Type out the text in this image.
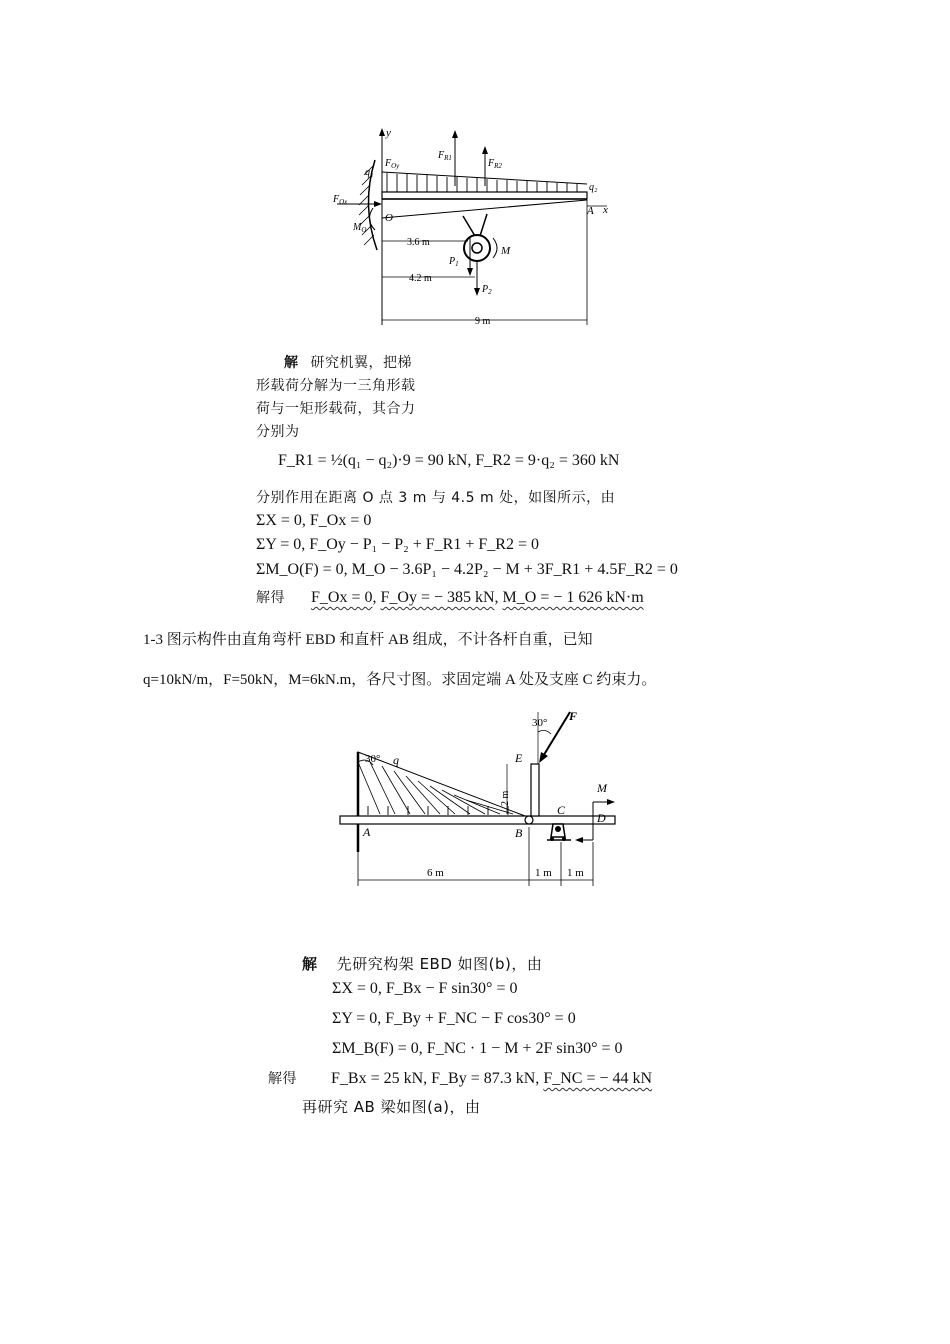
y
q₁
q₂
x
A
O
$F_{R1}$	$F_{R2}$
$F_{Oy}$
$F_{Ox}$
$M_O$
M
$P_1$
$P_2$
3.6 m
4.2 m
9 m
解 研究机翼，把梯
形载荷分解为一三角形载
荷与一矩形载荷，其合力
分别为
F_R1 = ½(q₁ − q₂)·9 = 90 kN, F_R2 = 9·q₂ = 360 kN
分别作用在距离 O 点 3 m 与 4.5 m 处，如图所示，由
ΣX = 0, F_Ox = 0
ΣY = 0, F_Oy − P₁ − P₂ + F_R1 + F_R2 = 0
ΣM_O(F) = 0, M_O − 3.6P₁ − 4.2P₂ − M + 3F_R1 + 4.5F_R2 = 0
解得 F_Ox = 0, F_Oy = − 385 kN, M_O = − 1 626 kN·m
1-3 图示构件由直角弯杆 EBD 和直杆 AB 组成，不计各杆自重，已知
q=10kN/m，F=50kN，M=6kN.m，各尺寸图。求固定端 A 处及支座 C 约束力。
30° q	E
2 m
B
A
30° F
C
M
D
6 m	1 m 1 m
解 先研究构架 EBD 如图(b)，由
ΣX = 0, F_Bx − F sin30° = 0
ΣY = 0, F_By + F_NC − F cos30° = 0
ΣM_B(F) = 0, F_NC · 1 − M + 2F sin30° = 0
解得 F_Bx = 25 kN, F_By = 87.3 kN, F_NC = − 44 kN
再研究 AB 梁如图(a)，由
